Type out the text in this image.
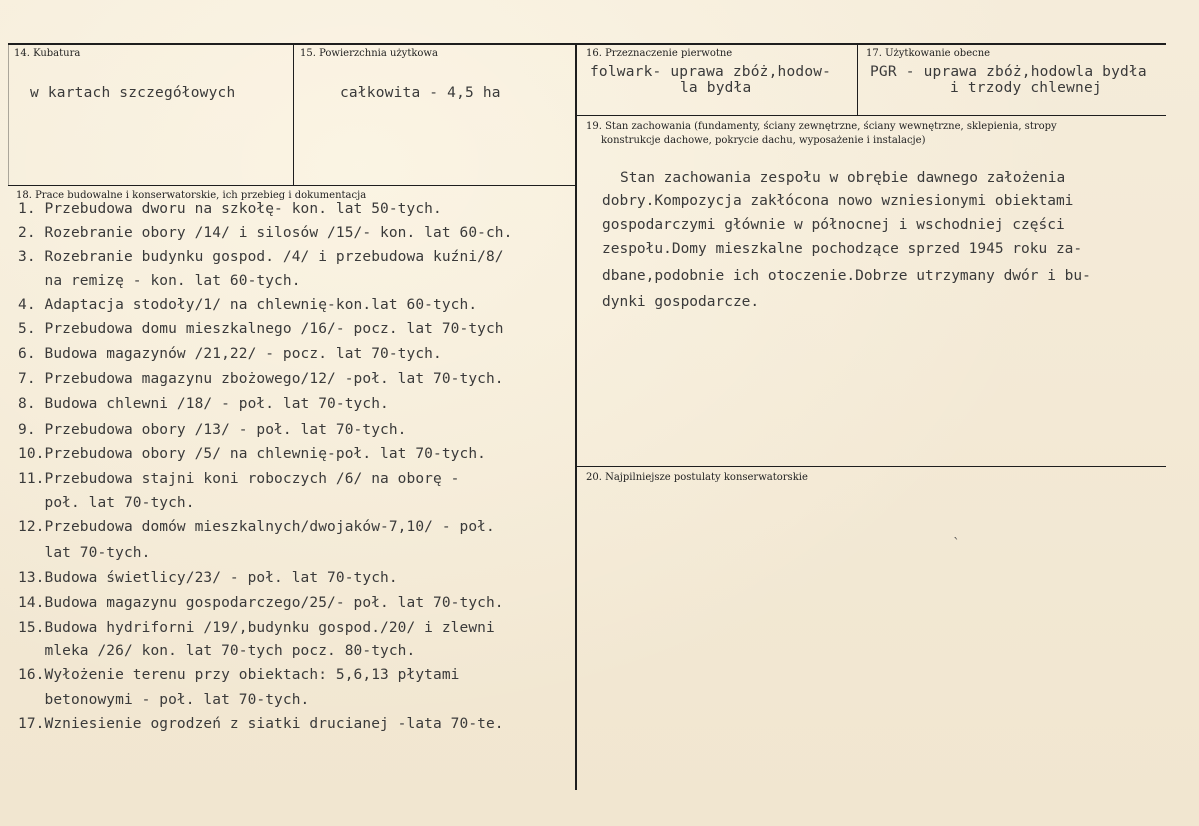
14. Kubatura
w kartach szczegółowych
15. Powierzchnia użytkowa
całkowita - 4,5 ha
16. Przeznaczenie pierwotne
folwark- uprawa zbóż,hodow-
la bydła
17. Użytkowanie obecne
PGR - uprawa zbóż,hodowla bydła
i trzody chlewnej
18. Prace budowalne i konserwatorskie, ich przebieg i dokumentacja
1. Przebudowa dworu na szkołę- kon. lat 50-tych.
2. Rozebranie obory /14/ i silosów /15/- kon. lat 60-ch.
3. Rozebranie budynku gospod. /4/ i przebudowa kuźni/8/
na remizę - kon. lat 60-tych.
4. Adaptacja stodoły/1/ na chlewnię-kon.lat 60-tych.
5. Przebudowa domu mieszkalnego /16/- pocz. lat 70-tych
6. Budowa magazynów /21,22/ - pocz. lat 70-tych.
7. Przebudowa magazynu zbożowego/12/ -poł. lat 70-tych.
8. Budowa chlewni /18/ - poł. lat 70-tych.
9. Przebudowa obory /13/ - poł. lat 70-tych.
10.Przebudowa obory /5/ na chlewnię-poł. lat 70-tych.
11.Przebudowa stajni koni roboczych /6/ na oborę -
poł. lat 70-tych.
12.Przebudowa domów mieszkalnych/dwojaków-7,10/ - poł.
lat 70-tych.
13.Budowa świetlicy/23/ - poł. lat 70-tych.
14.Budowa magazynu gospodarczego/25/- poł. lat 70-tych.
15.Budowa hydriforni /19/,budynku gospod./20/ i zlewni
mleka /26/ kon. lat 70-tych pocz. 80-tych.
16.Wyłożenie terenu przy obiektach: 5,6,13 płytami
betonowymi - poł. lat 70-tych.
17.Wzniesienie ogrodzeń z siatki drucianej -lata 70-te.
19. Stan zachowania (fundamenty, ściany zewnętrzne, ściany wewnętrzne, sklepienia, stropy
konstrukcje dachowe, pokrycie dachu, wyposażenie i instalacje)
Stan zachowania zespołu w obrębie dawnego założenia
dobry.Kompozycja zakłócona nowo wzniesionymi obiektami
gospodarczymi głównie w północnej i wschodniej części
zespołu.Domy mieszkalne pochodzące sprzed 1945 roku za-
dbane,podobnie ich otoczenie.Dobrze utrzymany dwór i bu-
dynki gospodarcze.
20. Najpilniejsze postulaty konserwatorskie
ˋ
